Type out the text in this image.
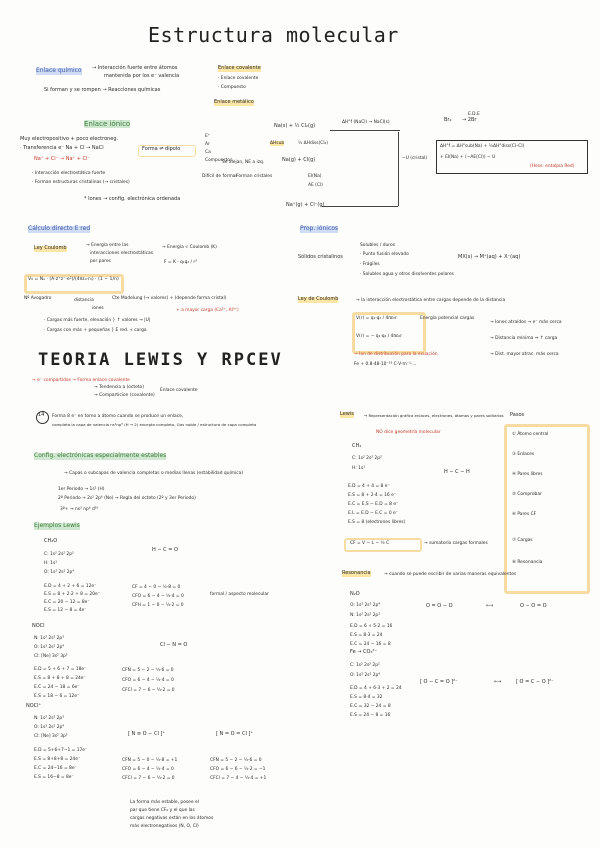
Estructura molecular
Enlace químico → Interacción fuerte entre átomos
mantenida por los e⁻ valencia
Si forman y se rompen → Reacciones químicas
Enlace covalente
· Enlace covalente
· Compuesto
Enlace metálico
Enlace iónico
Muy electropositivo + poco electroneg.
· Transferencia e⁻ Na + Cl → NaCl
Na⁺ + Cl⁻ → Na⁺ + Cl⁻
· Interacción electrostática fuerte
· Forman estructuras cristalinas (→ cristales)
* Iones → config. electrónica ordenada
Forma ⇌ dipolo
E⁺
Ar
Ca
Compuestos
Se alejan, NE a izq.
Difícil de formar
Forman cristales
Na(s) + ½ Cl₂(g)
ΔH°f (NaCl) → NaCl(s)
ΔHsub	½ ΔHdiss(Cl₂)
Na(g) + Cl(g)
EI(Na)
AE (Cl)
Na⁺(g) + Cl⁻(g)
−U (cristal)
Br₂
E.D.E
→ 2Br
ΔH°f = ΔH°sub(Na) + ½ΔH°diss(Cl–Cl)
+ EI(Na) + (−AE(Cl)) − U
(Hess: entalpía Red)
Cálculo directo E red
Ley Coulomb	→ Energía entre las
interacciones electrostáticas
por pares
→ Energía ∝ Coulomb (K)
F = K · q₁q₂ / r²
V₀ = Nₐ · (A·z⁺z⁻·e²)/(4πε₀·r₀) · (1 − 1/n)
Nº Avogadro	distancia
iones
Cte Madelung (→ valores) + (depende forma cristal)
· Cargas más fuerte, elevación } ↑ valores → |U|
· Cargas con más + pequeñas } E red. ∝ carga
+ a mayor carga (Ca²⁺, Al³⁺)
Prop. iónicos
Sólidos cristalinos
Solubles / duros
· Punto fusión elevado
· Frágiles
· Solubles agua y otros disolventes polares
MX(s) → M⁺(aq) + X⁻(aq)
Ley de Coulomb	→ la interacción electrostática entre cargas depende de la distancia
V(r) = q₁·q₂ / 4πε₀r	Energía potencial cargas
V(r) = − q₁·q₂ / 4πε₀r
→ Ion de distribución para la ecuación
Fe + 0.8·48·10⁻¹⁹ C·V·m⁻¹·...
→ Iones atraídos → e⁻ más cerca
→ Distancia mínima ⇒ ↑ carga
→ Dist. mayor atrac. más cerca
TEORIA LEWIS Y RPCEV
→ e⁻ compartidos → Forma enlace covalente
→ Tendencia a (octeto)
→ Comparticion (covalente)
Enlace covalente
14 Forma 8 e⁻ en torno a átomo cuando se produce un enlace,
completa la capa de valencia ns²np⁶ (H → 2) excepto completo, Gas noble / estructura de capa completa
Config. electrónicas especialmente estables
→ Capas o subcapas de valencia completas o medias llenas (estabilidad química)
1er Periodo → 1s² (H)
2º Periodo → 2s² 2p⁶ (Ne) → Regla del octeto (2º y 3er Periodo)
3º+ → ns² np⁶ d¹⁰
Ejemplos Lewis
CH₂O
C: 1s² 2s² 2p²
H: 1s¹
O: 1s² 2s² 2p⁴
E.D = 4 + 2 + 6 = 12e⁻
E.S = 8 + 2·2 + 8 = 20e⁻
E.C = 20 − 12 = 8e⁻
E.S = 12 − 8 = 4e⁻
H − C = O
CF = 4 − 0 − ½·8 = 0
CFO = 6 − 4 − ½·4 = 0
CFH = 1 − 0 − ½·2 = 0
formal / aspecto molecular
NOCl
N: 1s² 2s² 2p³
O: 1s² 2s² 2p⁴
Cl: [Ne] 3s² 3p⁵
E.D = 5 + 6 + 7 = 18e⁻
E.S = 8 + 8 + 8 = 24e⁻
E.C = 24 − 18 = 6e⁻
E.S = 18 − 6 = 12e⁻
Cl − N = O
CFN = 5 − 2 − ½·6 = 0
CFO = 6 − 4 − ½·4 = 0
CFCl = 7 − 6 − ½·2 = 0
NOCl⁺
N: 1s² 2s² 2p³
O: 1s² 2s² 2p⁴
Cl: [Ne] 3s² 3p⁵
E.D = 5+6+7−1 = 17e⁻
E.S = 8+8+8 = 24e⁻
E.C = 24−16 = 8e⁻
E.S = 16−8 = 8e⁻
[ N ≡ O − Cl ]⁺	[ N = O = Cl ]⁺
CFN = 5 − 0 − ½·8 = +1
CFO = 6 − 4 − ½·4 = 0
CFCl = 7 − 6 − ½·2 = 0
CFN = 5 − 2 − ½·6 = 0
CFO = 6 − 6 − ½·2 = −1
CFCl = 7 − 4 − ½·4 = +1
La forma más estable, posee el
par que tiene CF₀ y el que las
cargas negativas están en los átomos
más electronegativos (N, O, Cl)
Lewis	→ Representación gráfica enlaces, electrones, átomos y pares solitarios
NO dice geometría molecular
Pasos
CH₄
C: 1s² 2s² 2p²
H: 1s¹
H − C − H
E.D = 4 + 4 = 8 e⁻
E.S = 8 + 2·4 = 16 e⁻
E.C = E.S − E.D = 8 e⁻
E.L = E.D − E.C = 0 e⁻
E.S = 8 (electrones libres)
CF = V − L − ½ C	→ sumatorio cargas formales
① Átomo central
③ Enlaces
④ Pares libres
⑤ Comprobar
⑥ Pares CF
⑦ Cargas
⑧ Resonancia
Resonancia	→ cuando se puede escribir de varias maneras equivalentes
N₂O
O: 1s² 2s² 2p⁴
N: 1s² 2s² 2p³
E.D = 6 + 5·2 = 16
E.S = 8·3 = 24
E.C = 24 − 16 = 8
O = O − O	⟷	O − O = O
Fe → CO₃²⁻
C: 1s² 2s² 2p²
O: 1s² 2s² 2p⁴
E.D = 4 + 6·3 + 2 = 24
E.S = 8·4 = 32
E.C = 32 − 24 = 8
E.S = 24 − 8 = 16
[ O − C = O ]²⁻	⟷	[ O = C − O ]²⁻
